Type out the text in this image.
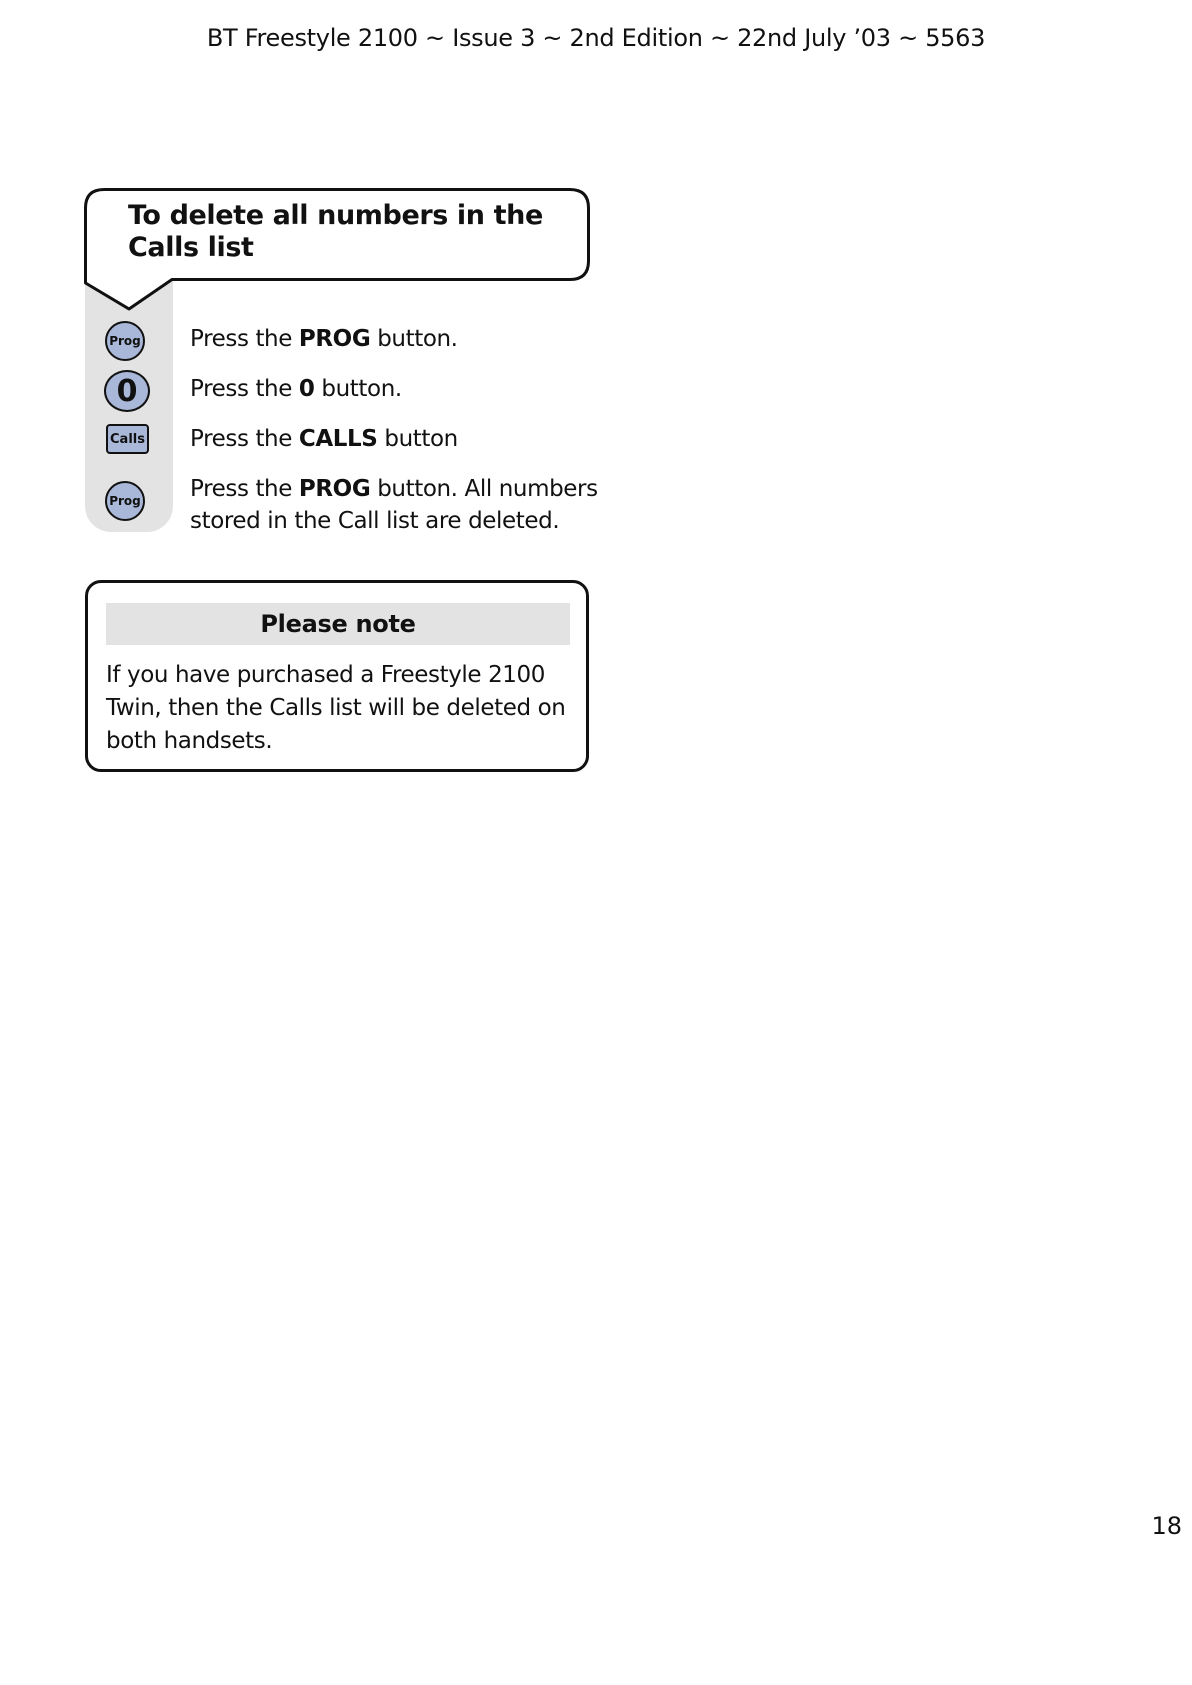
BT Freestyle 2100 ~ Issue 3 ~ 2nd Edition ~ 22nd July ’03 ~ 5563
To delete all numbers in the
Calls list
Prog Press the PROG button.
0 Press the 0 button.
Calls Press the CALLS button
Prog Press the PROG button. All numbers stored in the Call list are deleted.
Please note
If you have purchased a Freestyle 2100 Twin, then the Calls list will be deleted on both handsets.
18
